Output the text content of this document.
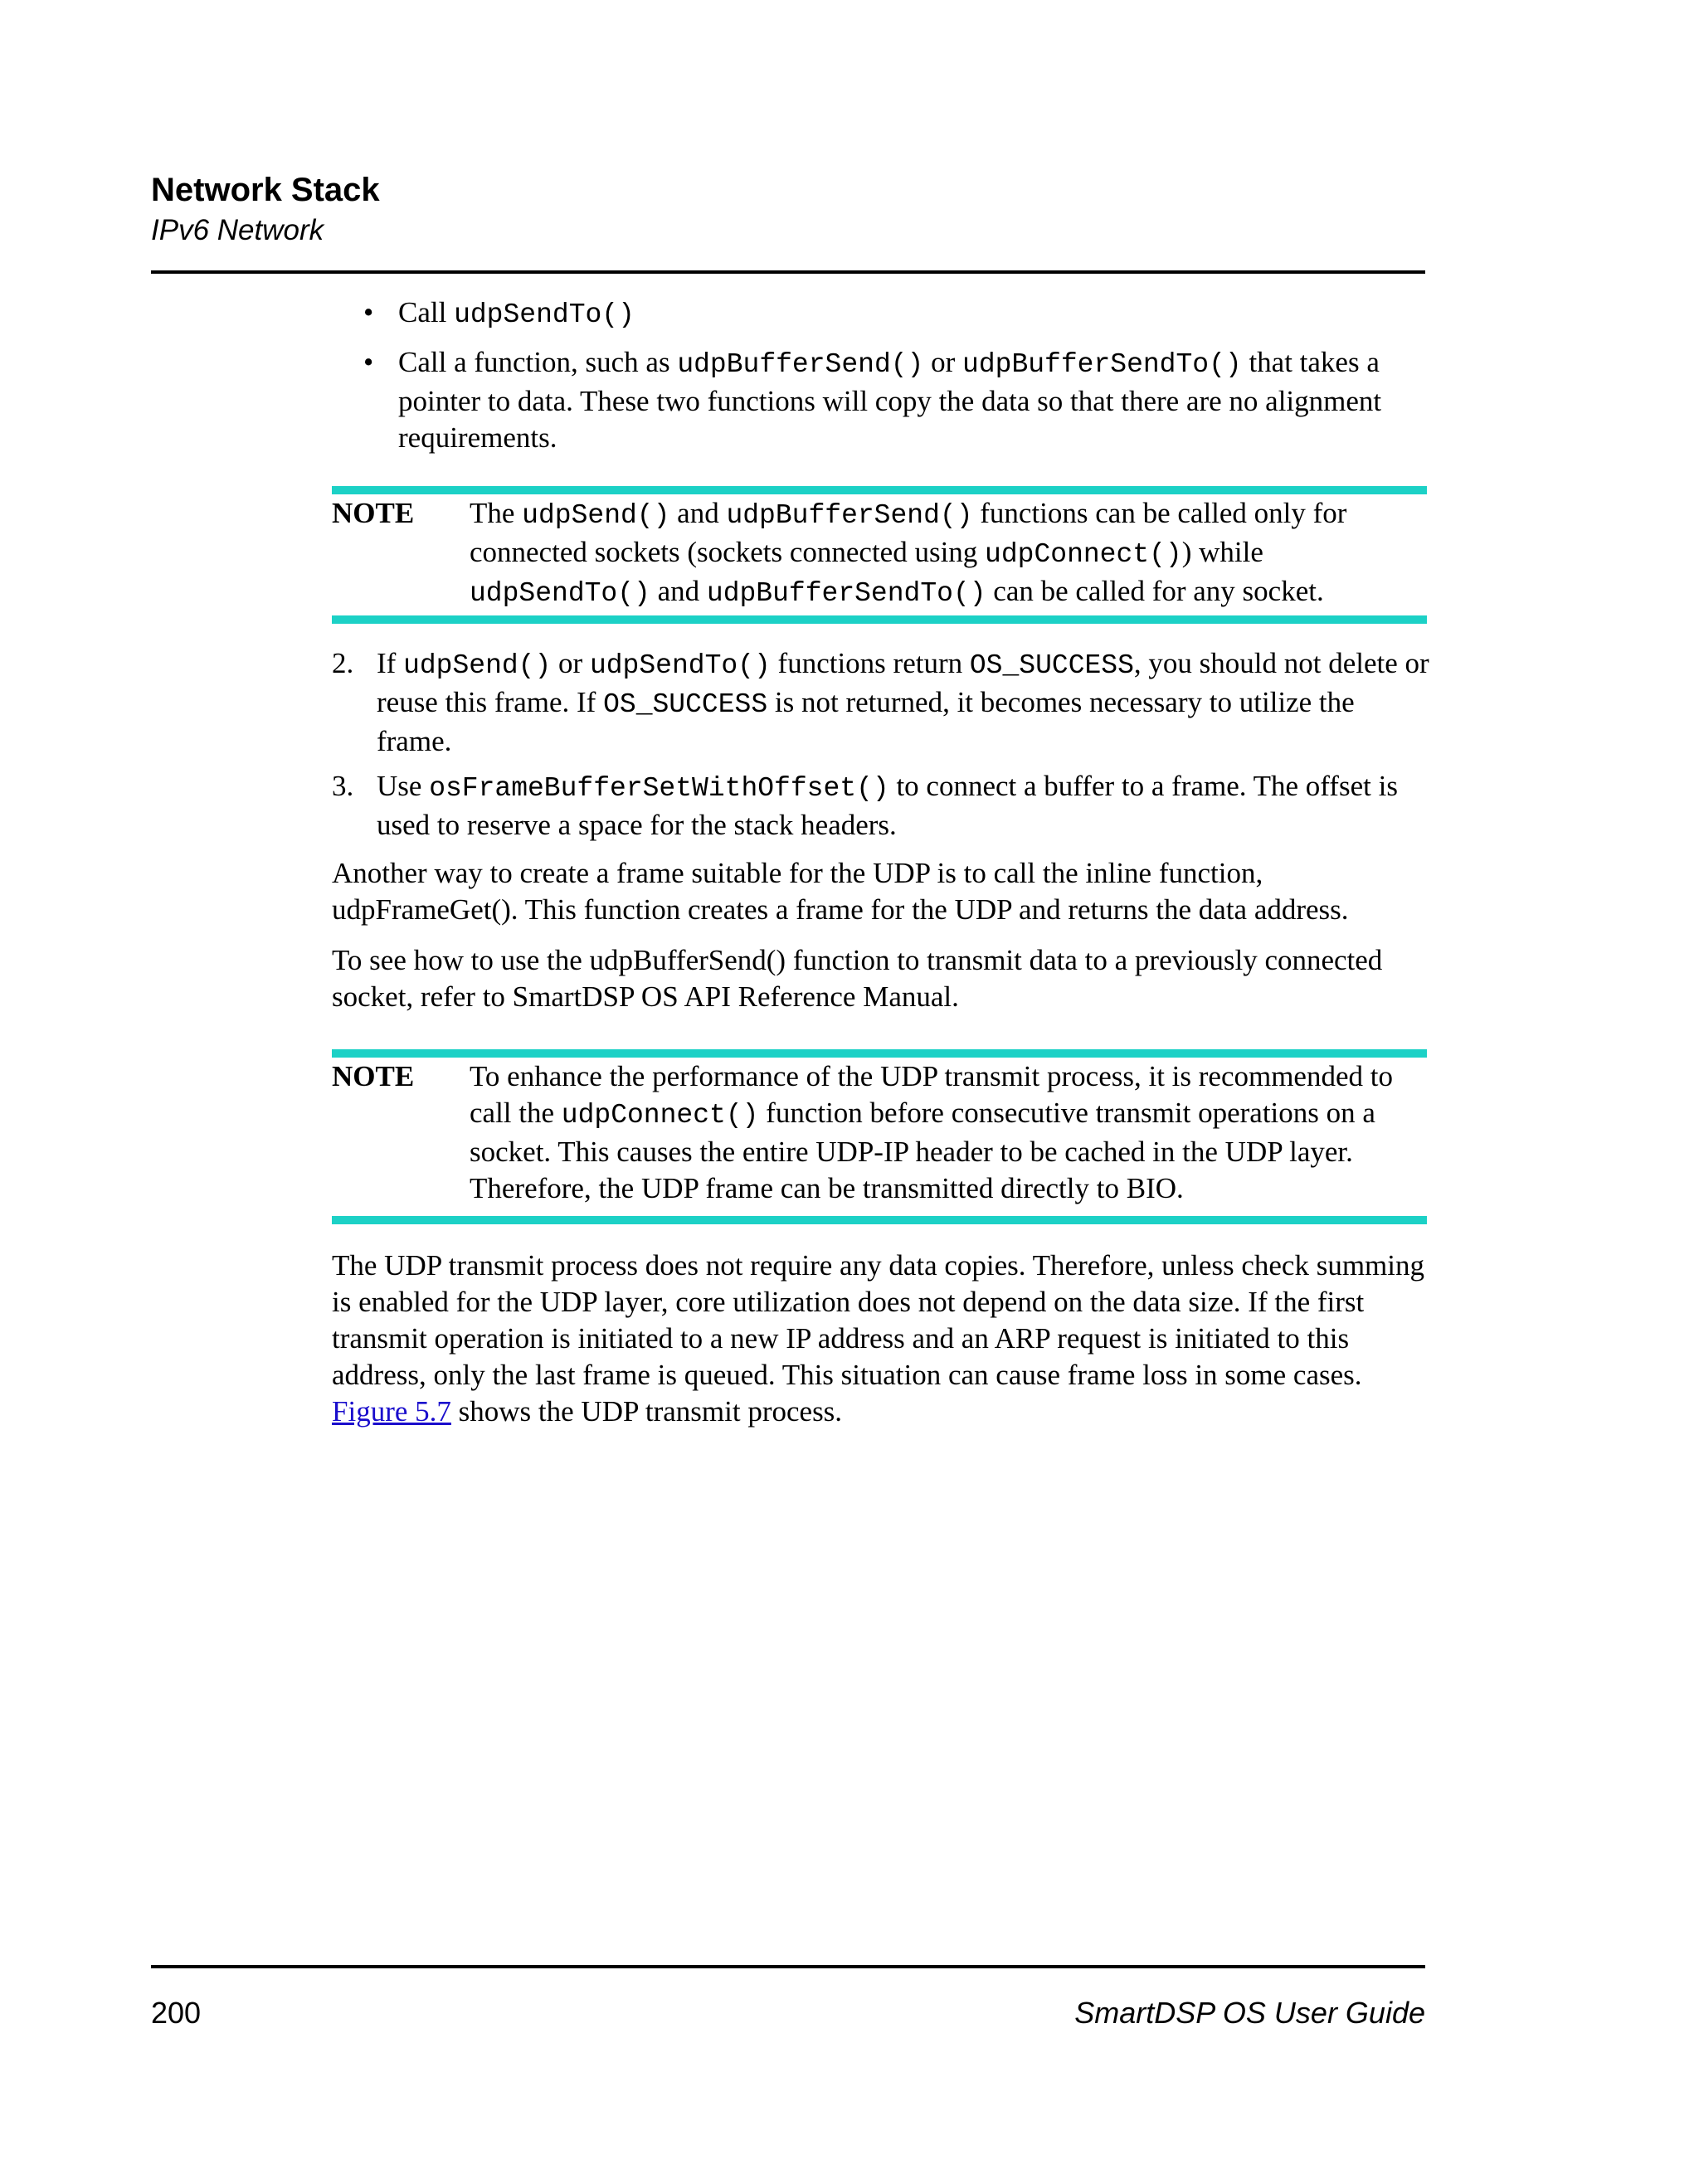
Network Stack
IPv6 Network
• Call udpSendTo()
• Call a function, such as udpBufferSend() or udpBufferSendTo() that takes a pointer to data. These two functions will copy the data so that there are no alignment requirements.
NOTE The udpSend() and udpBufferSend() functions can be called only for connected sockets (sockets connected using udpConnect()) while udpSendTo() and udpBufferSendTo() can be called for any socket.
2. If udpSend() or udpSendTo() functions return OS_SUCCESS, you should not delete or reuse this frame. If OS_SUCCESS is not returned, it becomes necessary to utilize the frame.
3. Use osFrameBufferSetWithOffset() to connect a buffer to a frame. The offset is used to reserve a space for the stack headers.
Another way to create a frame suitable for the UDP is to call the inline function, udpFrameGet(). This function creates a frame for the UDP and returns the data address.
To see how to use the udpBufferSend() function to transmit data to a previously connected socket, refer to SmartDSP OS API Reference Manual.
NOTE To enhance the performance of the UDP transmit process, it is recommended to call the udpConnect() function before consecutive transmit operations on a socket. This causes the entire UDP-IP header to be cached in the UDP layer. Therefore, the UDP frame can be transmitted directly to BIO.
The UDP transmit process does not require any data copies. Therefore, unless check summing is enabled for the UDP layer, core utilization does not depend on the data size. If the first transmit operation is initiated to a new IP address and an ARP request is initiated to this address, only the last frame is queued. This situation can cause frame loss in some cases. Figure 5.7 shows the UDP transmit process.
200	SmartDSP OS User Guide
